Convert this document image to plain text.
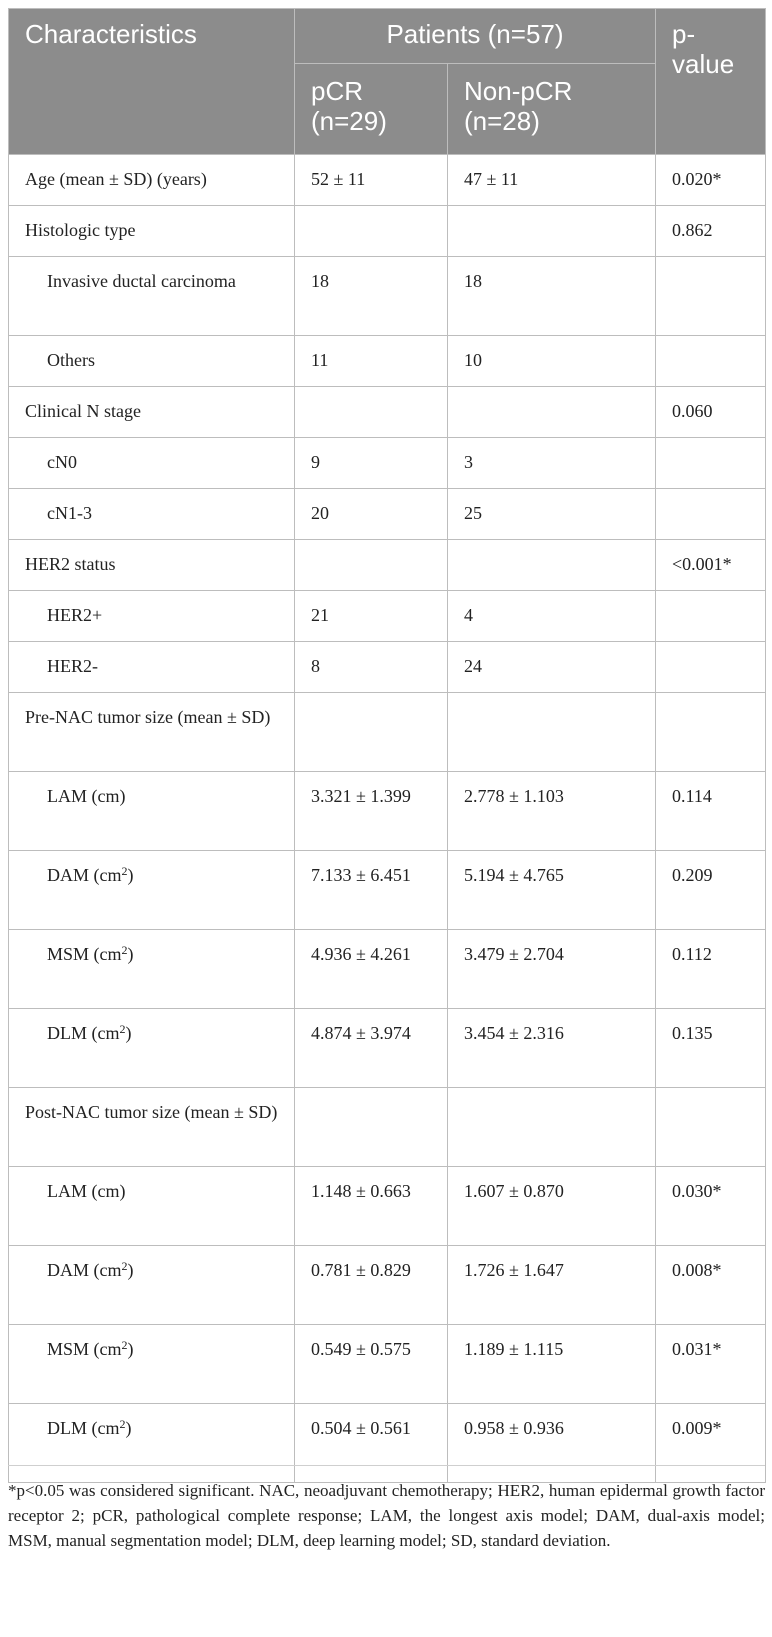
Characteristics	Patients (n=57)		p-value
	pCR (n=29)	Non-pCR (n=28)	
Age (mean ± SD) (years)	52 ± 11	47 ± 11	0.020*
Histologic type			0.862
Invasive ductal carcinoma	18	18	
Others	11	10	
Clinical N stage			0.060
cN0	9	3	
cN1-3	20	25	
HER2 status			<0.001*
HER2+	21	4	
HER2-	8	24	
Pre-NAC tumor size (mean ± SD)			
LAM (cm)	3.321 ± 1.399	2.778 ± 1.103	0.114
DAM $(cm^2)$	7.133 ± 6.451	5.194 ± 4.765	0.209
MSM $(cm^2)$	4.936 ± 4.261	3.479 ± 2.704	0.112
DLM $(cm^2)$	4.874 ± 3.974	3.454 ± 2.316	0.135
Post-NAC tumor size (mean ± SD)			
LAM (cm)	1.148 ± 0.663	1.607 ± 0.870	0.030*
DAM $(cm^2)$	0.781 ± 0.829	1.726 ± 1.647	0.008*
MSM $(cm^2)$	0.549 ± 0.575	1.189 ± 1.115	0.031*
DLM $(cm^2)$	0.504 ± 0.561	0.958 ± 0.936	0.009*
*p<0.05 was considered significant. NAC, neoadjuvant chemotherapy; HER2, human epidermal growth factor receptor 2; pCR, pathological complete response; LAM, the longest axis model; DAM, dual-axis model; MSM, manual segmentation model; DLM, deep learning model; SD, standard deviation.
